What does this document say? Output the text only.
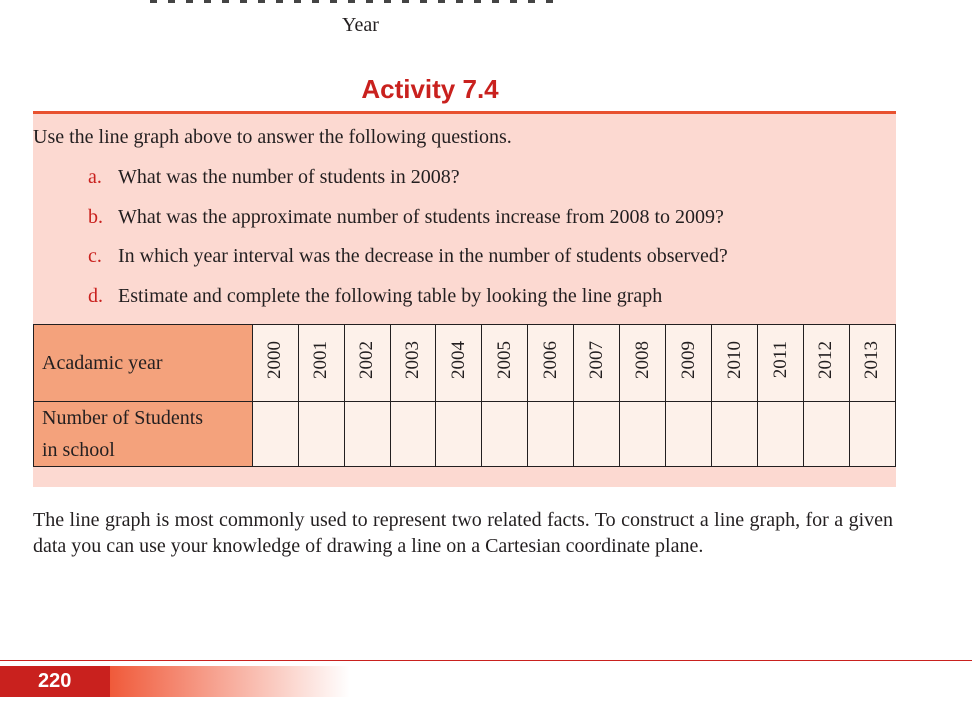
Year
Activity 7.4
Use the line graph above to answer the following questions.
a. What was the number of students in 2008?
b. What was the approximate number of students increase from 2008 to 2009?
c. In which year interval was the decrease in the number of students observed?
d. Estimate and complete the following table by looking the line graph
Acadamic year	2000	2001	2002	2003	2004	2005	2006	2007	2008	2009	2010	2011	2012	2013

Number of Students
in school														

The line graph is most commonly used to represent two related facts. To construct a line graph, for a given data you can use your knowledge of drawing a line on a Cartesian coordinate plane.
220
